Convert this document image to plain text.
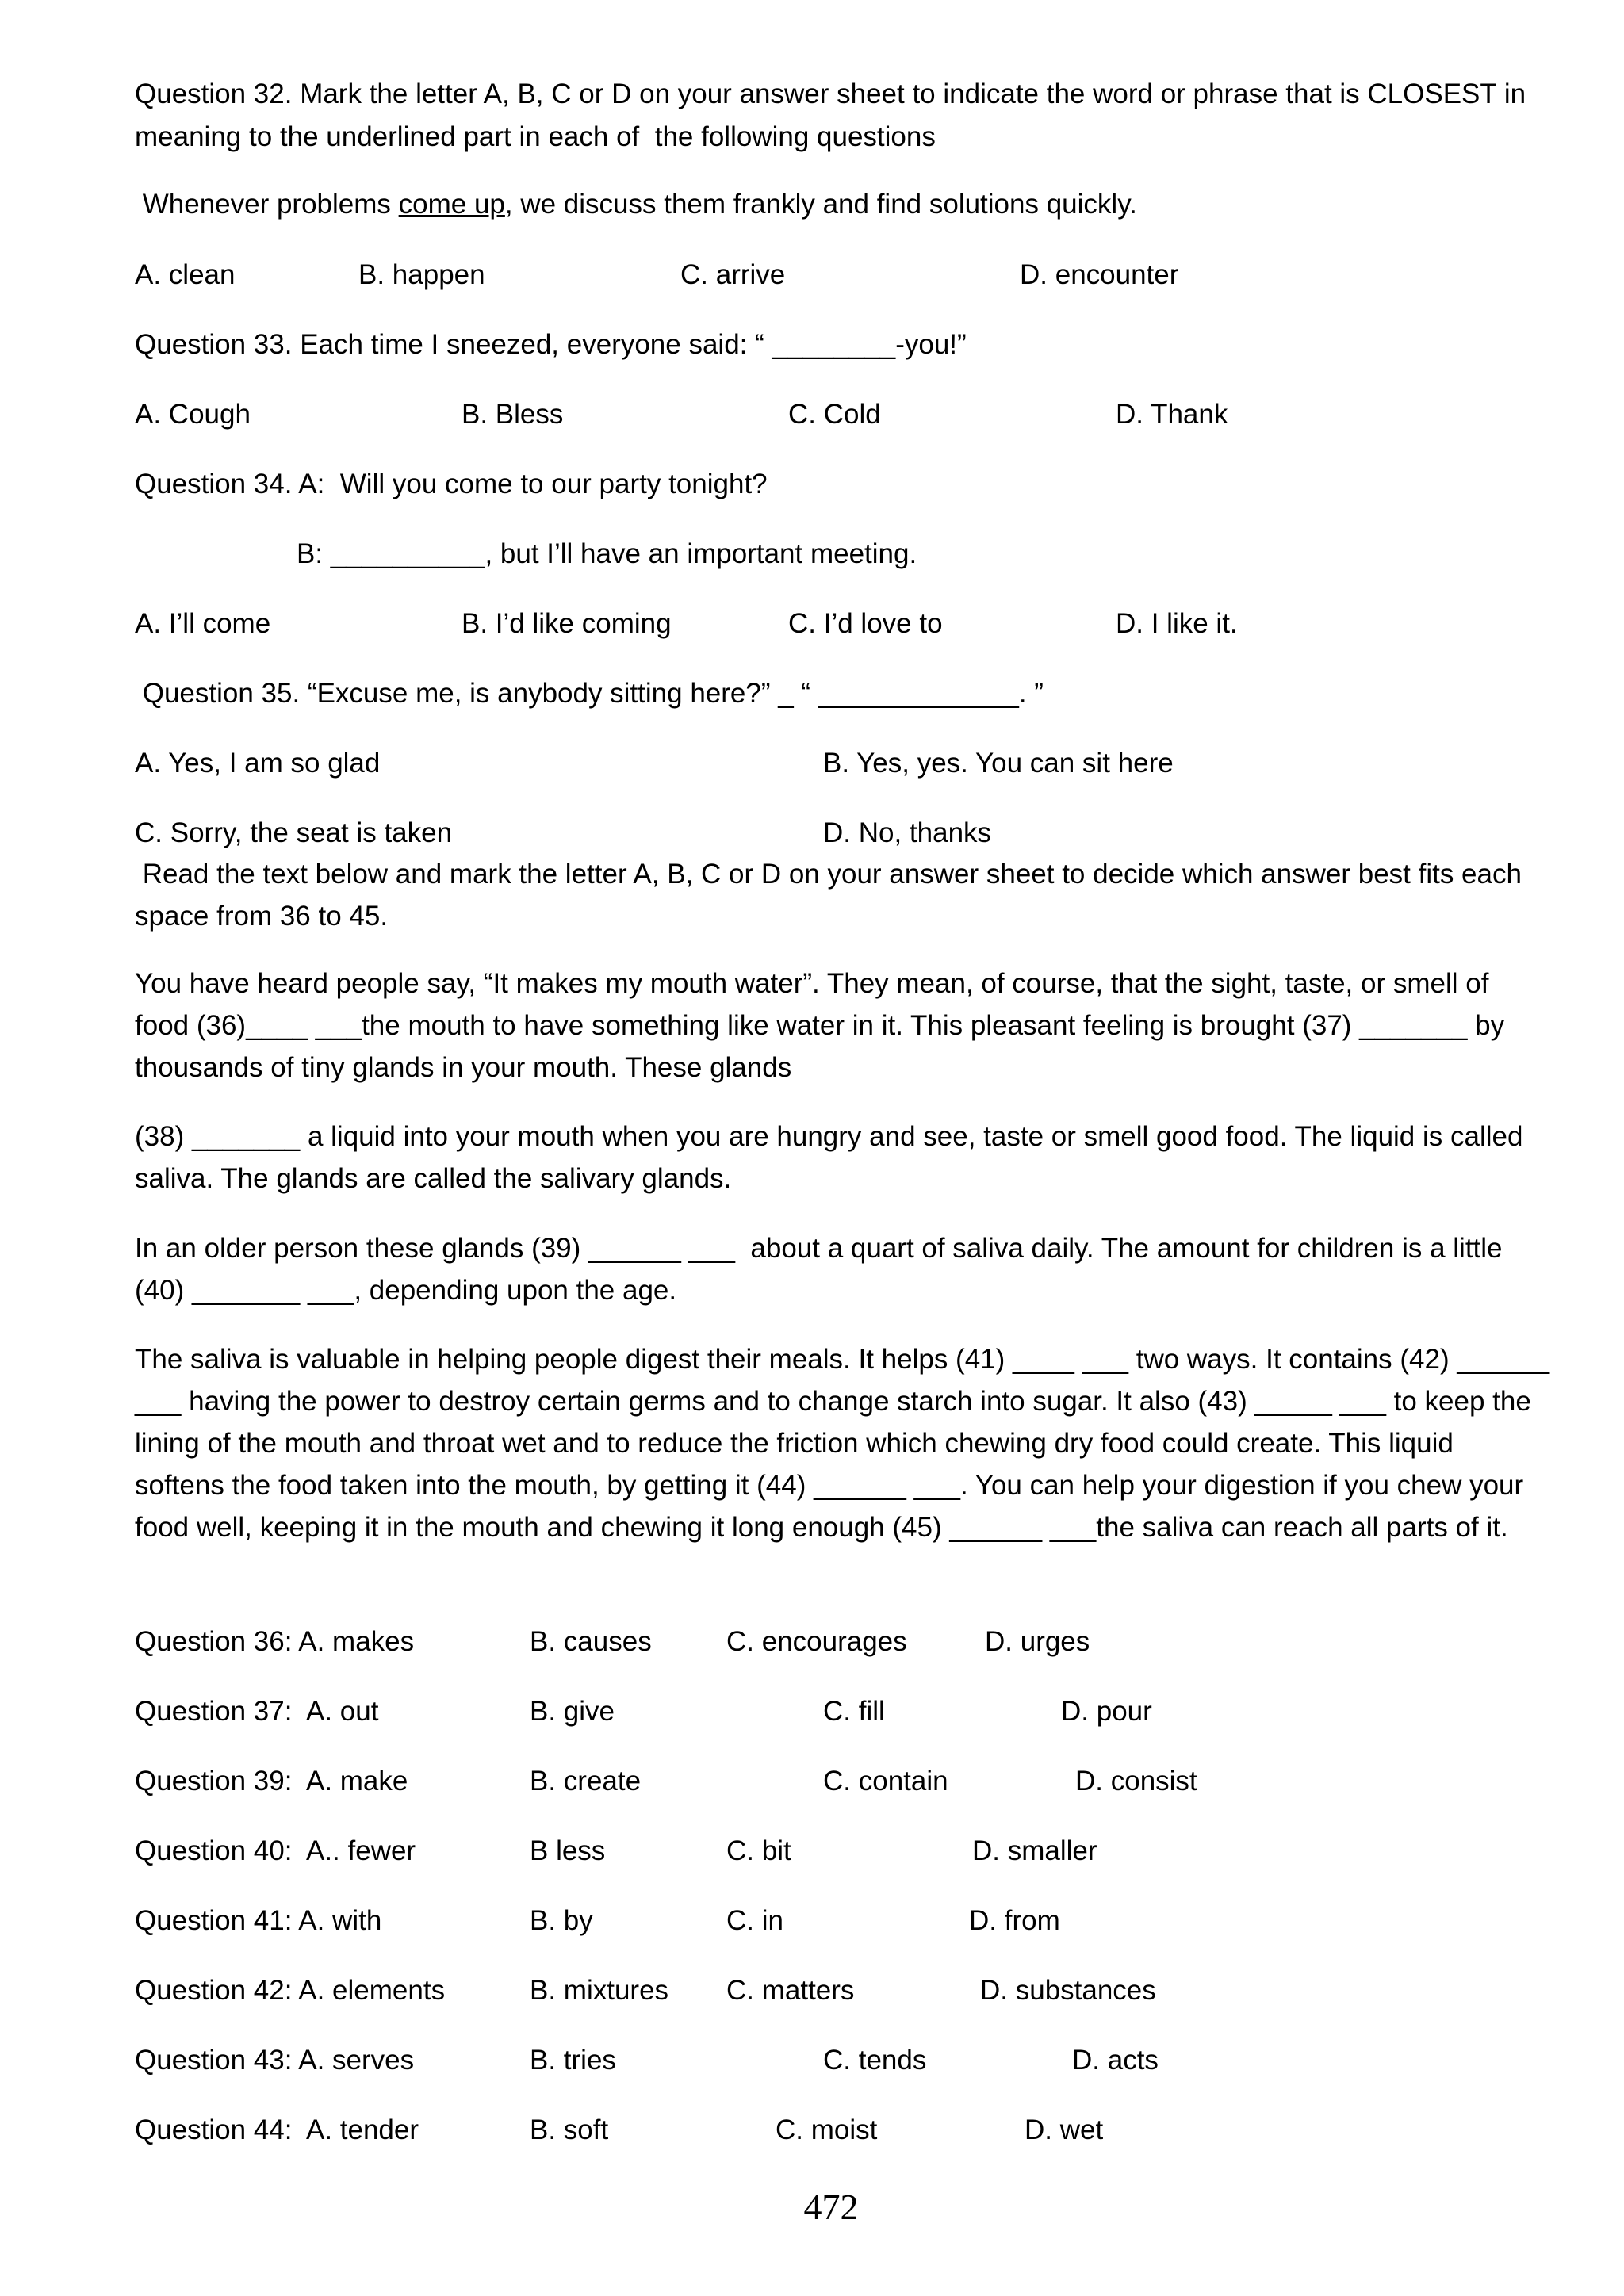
Question 32. Mark the letter A, B, C or D on your answer sheet to indicate the word or phrase that is CLOSEST in
meaning to the underlined part in each of  the following questions
Whenever problems come up, we discuss them frankly and find solutions quickly.
A. clean	B. happen	C. arrive	D. encounter
Question 33. Each time I sneezed, everyone said: “ ________-you!”
A. Cough	B. Bless	C. Cold	D. Thank
Question 34. A:  Will you come to our party tonight?
B: __________, but I’ll have an important meeting.
A. I’ll come	B. I’d like coming	C. I’d love to	D. I like it.
Question 35. “Excuse me, is anybody sitting here?” _ “ _____________. ”
A. Yes, I am so glad	B. Yes, yes. You can sit here
C. Sorry, the seat is taken	D. No, thanks
Read the text below and mark the letter A, B, C or D on your answer sheet to decide which answer best fits each
space from 36 to 45.
You have heard people say, “It makes my mouth water”. They mean, of course, that the sight, taste, or smell of
food (36)____ ___the mouth to have something like water in it. This pleasant feeling is brought (37) _______ by
thousands of tiny glands in your mouth. These glands
(38) _______ a liquid into your mouth when you are hungry and see, taste or smell good food. The liquid is called
saliva. The glands are called the salivary glands.
In an older person these glands (39) ______ ___  about a quart of saliva daily. The amount for children is a little
(40) _______ ___, depending upon the age.
The saliva is valuable in helping people digest their meals. It helps (41) ____ ___ two ways. It contains (42) ______
___ having the power to destroy certain germs and to change starch into sugar. It also (43) _____ ___ to keep the
lining of the mouth and throat wet and to reduce the friction which chewing dry food could create. This liquid
softens the food taken into the mouth, by getting it (44) ______ ___. You can help your digestion if you chew your
food well, keeping it in the mouth and chewing it long enough (45) ______ ___the saliva can reach all parts of it.
Question 36: A. makes	B. causes	C. encourages	D. urges
Question 37:  A. out	B. give	C. fill	D. pour
Question 39:  A. make	B. create	C. contain	D. consist
Question 40:  A.. fewer	B less	C. bit	D. smaller
Question 41: A. with	B. by	C. in	D. from
Question 42: A. elements	B. mixtures C. matters	D. substances
Question 43: A. serves	B. tries	C. tends	D. acts
Question 44:  A. tender	B. soft	C. moist	D. wet
472
